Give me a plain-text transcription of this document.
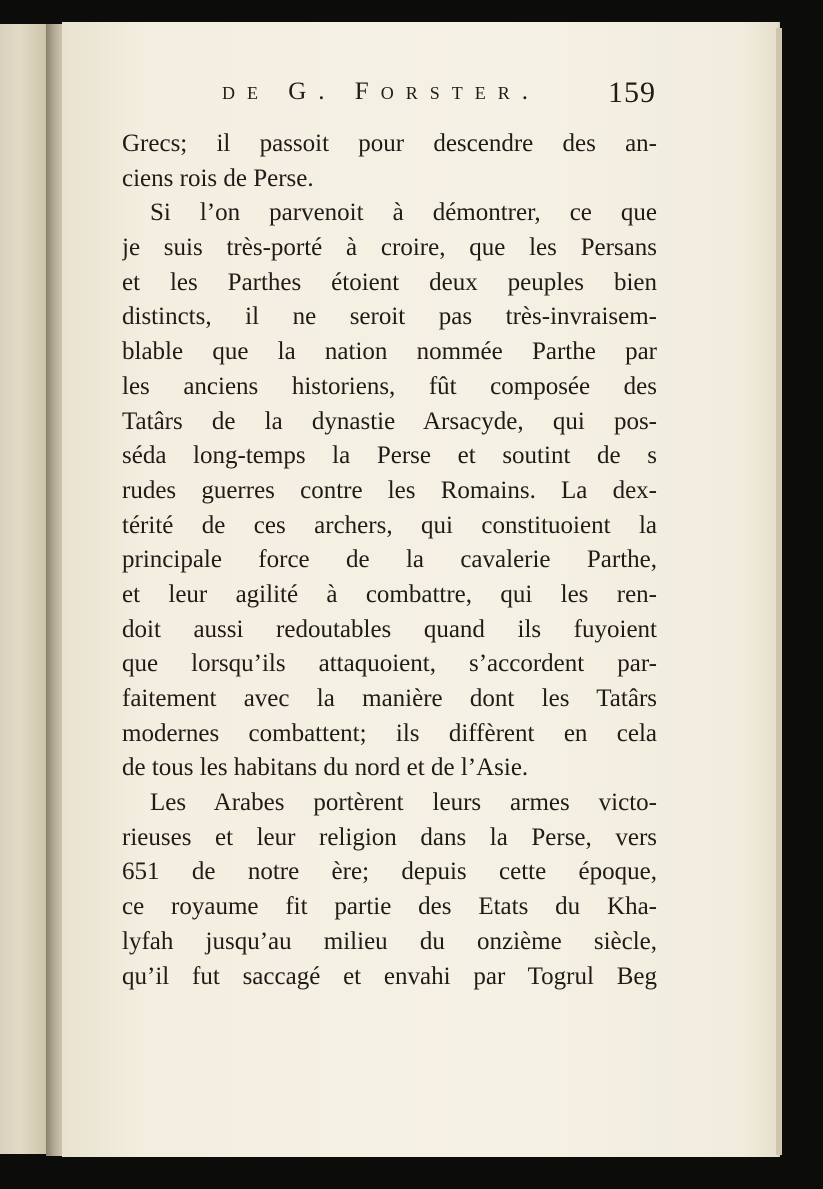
de G. Forster. 159
Grecs; il passoit pour descendre des an-
ciens rois de Perse.
Si l’on parvenoit à démontrer, ce que
je suis très-porté à croire, que les Persans
et les Parthes étoient deux peuples bien
distincts, il ne seroit pas très-invraisem-
blable que la nation nommée Parthe par
les anciens historiens, fût composée des
Tatârs de la dynastie Arsacyde, qui pos-
séda long-temps la Perse et soutint de s
rudes guerres contre les Romains. La dex-
térité de ces archers, qui constituoient la
principale force de la cavalerie Parthe,
et leur agilité à combattre, qui les ren-
doit aussi redoutables quand ils fuyoient
que lorsqu’ils attaquoient, s’accordent par-
faitement avec la manière dont les Tatârs
modernes combattent; ils diffèrent en cela
de tous les habitans du nord et de l’Asie.
Les Arabes portèrent leurs armes victo-
rieuses et leur religion dans la Perse, vers
651 de notre ère; depuis cette époque,
ce royaume fit partie des Etats du Kha-
lyfah jusqu’au milieu du onzième siècle,
qu’il fut saccagé et envahi par Togrul Beg
